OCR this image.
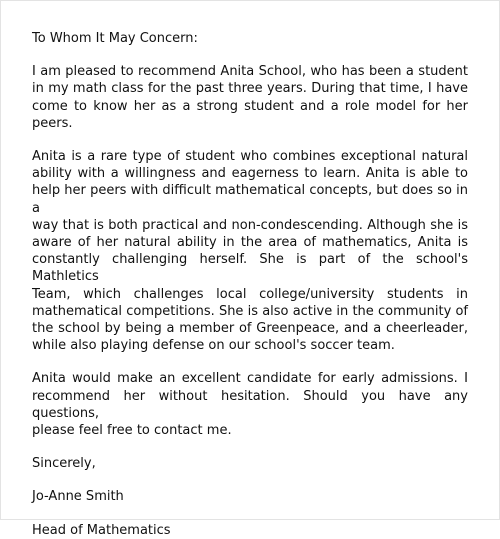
To Whom It May Concern:
I am pleased to recommend Anita School, who has been a student
in my math class for the past three years. During that time, I have
come to know her as a strong student and a role model for her
peers.
Anita is a rare type of student who combines exceptional natural
ability with a willingness and eagerness to learn. Anita is able to
help her peers with difficult mathematical concepts, but does so in a
way that is both practical and non-condescending. Although she is
aware of her natural ability in the area of mathematics, Anita is
constantly challenging herself. She is part of the school's Mathletics
Team, which challenges local college/university students in
mathematical competitions. She is also active in the community of
the school by being a member of Greenpeace, and a cheerleader,
while also playing defense on our school's soccer team.
Anita would make an excellent candidate for early admissions. I
recommend her without hesitation. Should you have any questions,
please feel free to contact me.
Sincerely,
Jo-Anne Smith
Head of Mathematics
